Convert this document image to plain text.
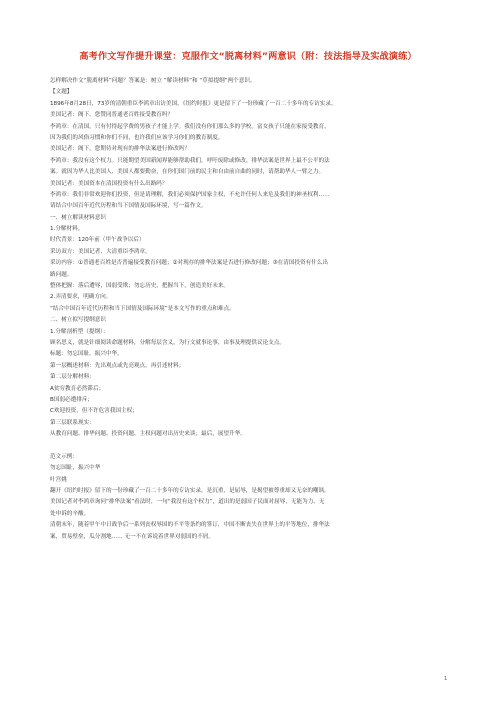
高考作文写作提升课堂：克服作文“脱离材料”两意识（附：技法指导及实战演练）
怎样解决作文“脱离材料”问题？答案是：树立 “解读材料”和 “草拟提纲”两个意识。
【文题】
1896年8月28日，73岁的清朝重臣李鸿章出访美国，《纽约时报》更是留下了一份珍藏了一百二十多年的专访实录。
美国记者：阁下，您赞同普通老百姓接受教育吗？
李鸿章：在清国，只有付得起学费的男孩子才能上学。我们没有你们那么多的学校。富女孩子只能在家接受教育。
因为我们的风俗习惯和你们不同，也许我们应该学习你们的教育制度。
美国记者：阁下，您期待对现有的排华法案进行修改吗？
李鸿章：我没有这个权力。只能期望美国新闻界能够帮助我们，呼吁废除或修改。排华法案是世界上最不公平的法
案。就因为华人比美国人、美国人都要勤奋，在你们国门前的民主和自由前自曲的同时，请帮助华人一臂之力。
美国记者：美国资本在清国投资有什么出路吗？
李鸿章：我们非常欢迎你们投资，但是请理解，我们必须保护国家主权，不允许任何人来危及我们的神圣权利……
请结合中国百年近代历程和当下国情及国际环境，写一篇作文。
一、树立解读材料意识
1.分解材料。
时代背景：120年前（甲午战争以后）
采访双方：美国记者、大清重臣李鸿章。
采访内容：①普通老百姓是否普遍接受教育问题；②对现存的排华法案是否进行修改问题；③在清国投资有什么出
路问题。
整体把握：落后遭辱，国弱受欺；勿忘历史，把握当下，创造美好未来。
2.弄清要求，明确方向。
“结合中国百年近代历程和当下国情及国际环境”是本文写作的重点和难点。
二、树立拟写提纲意识
1.分解剖析型（提纲）：
顾名思义，就是针细阅读命题材料，分解每层含义，为行文就事论事，由事及理提供议论支点。
标题：勿忘国耻，振兴中华。
第一层概述材料：先出观点或先亮观点，再引述材料；
第二层分解材料：
A贫穷教育必然滞后；
B国弱必遭排斥；
C欢迎投资，但不许危害我国主权；
第三层联系现实：
从教育问题、排华问题、投资问题、主权问题对出历史来谈；最后，展望升华。
范文示例：
勿忘国耻，振兴中华
叶宫姚
翻开《纽约时报》留下的一份珍藏了一百二十多年的专访实录，是沉重，是屈辱，是揭望被尊重却又无奈的嘲讽。
美国记者对李鸿章询问“排华法案”看法时，一句“我没有这个权力”，道出的是弱国子民面对屈辱，无能为力、无
处申诉的辛酸。
清朝末年，随着甲午中日战争后一系列丧权辱国的不平等条约的签订，中国不断丧失在世界上的平等地位，排华法
案，贸易壁垒，瓜分割地…… 无一不在诉说着世界对弱国的不屑。
1
